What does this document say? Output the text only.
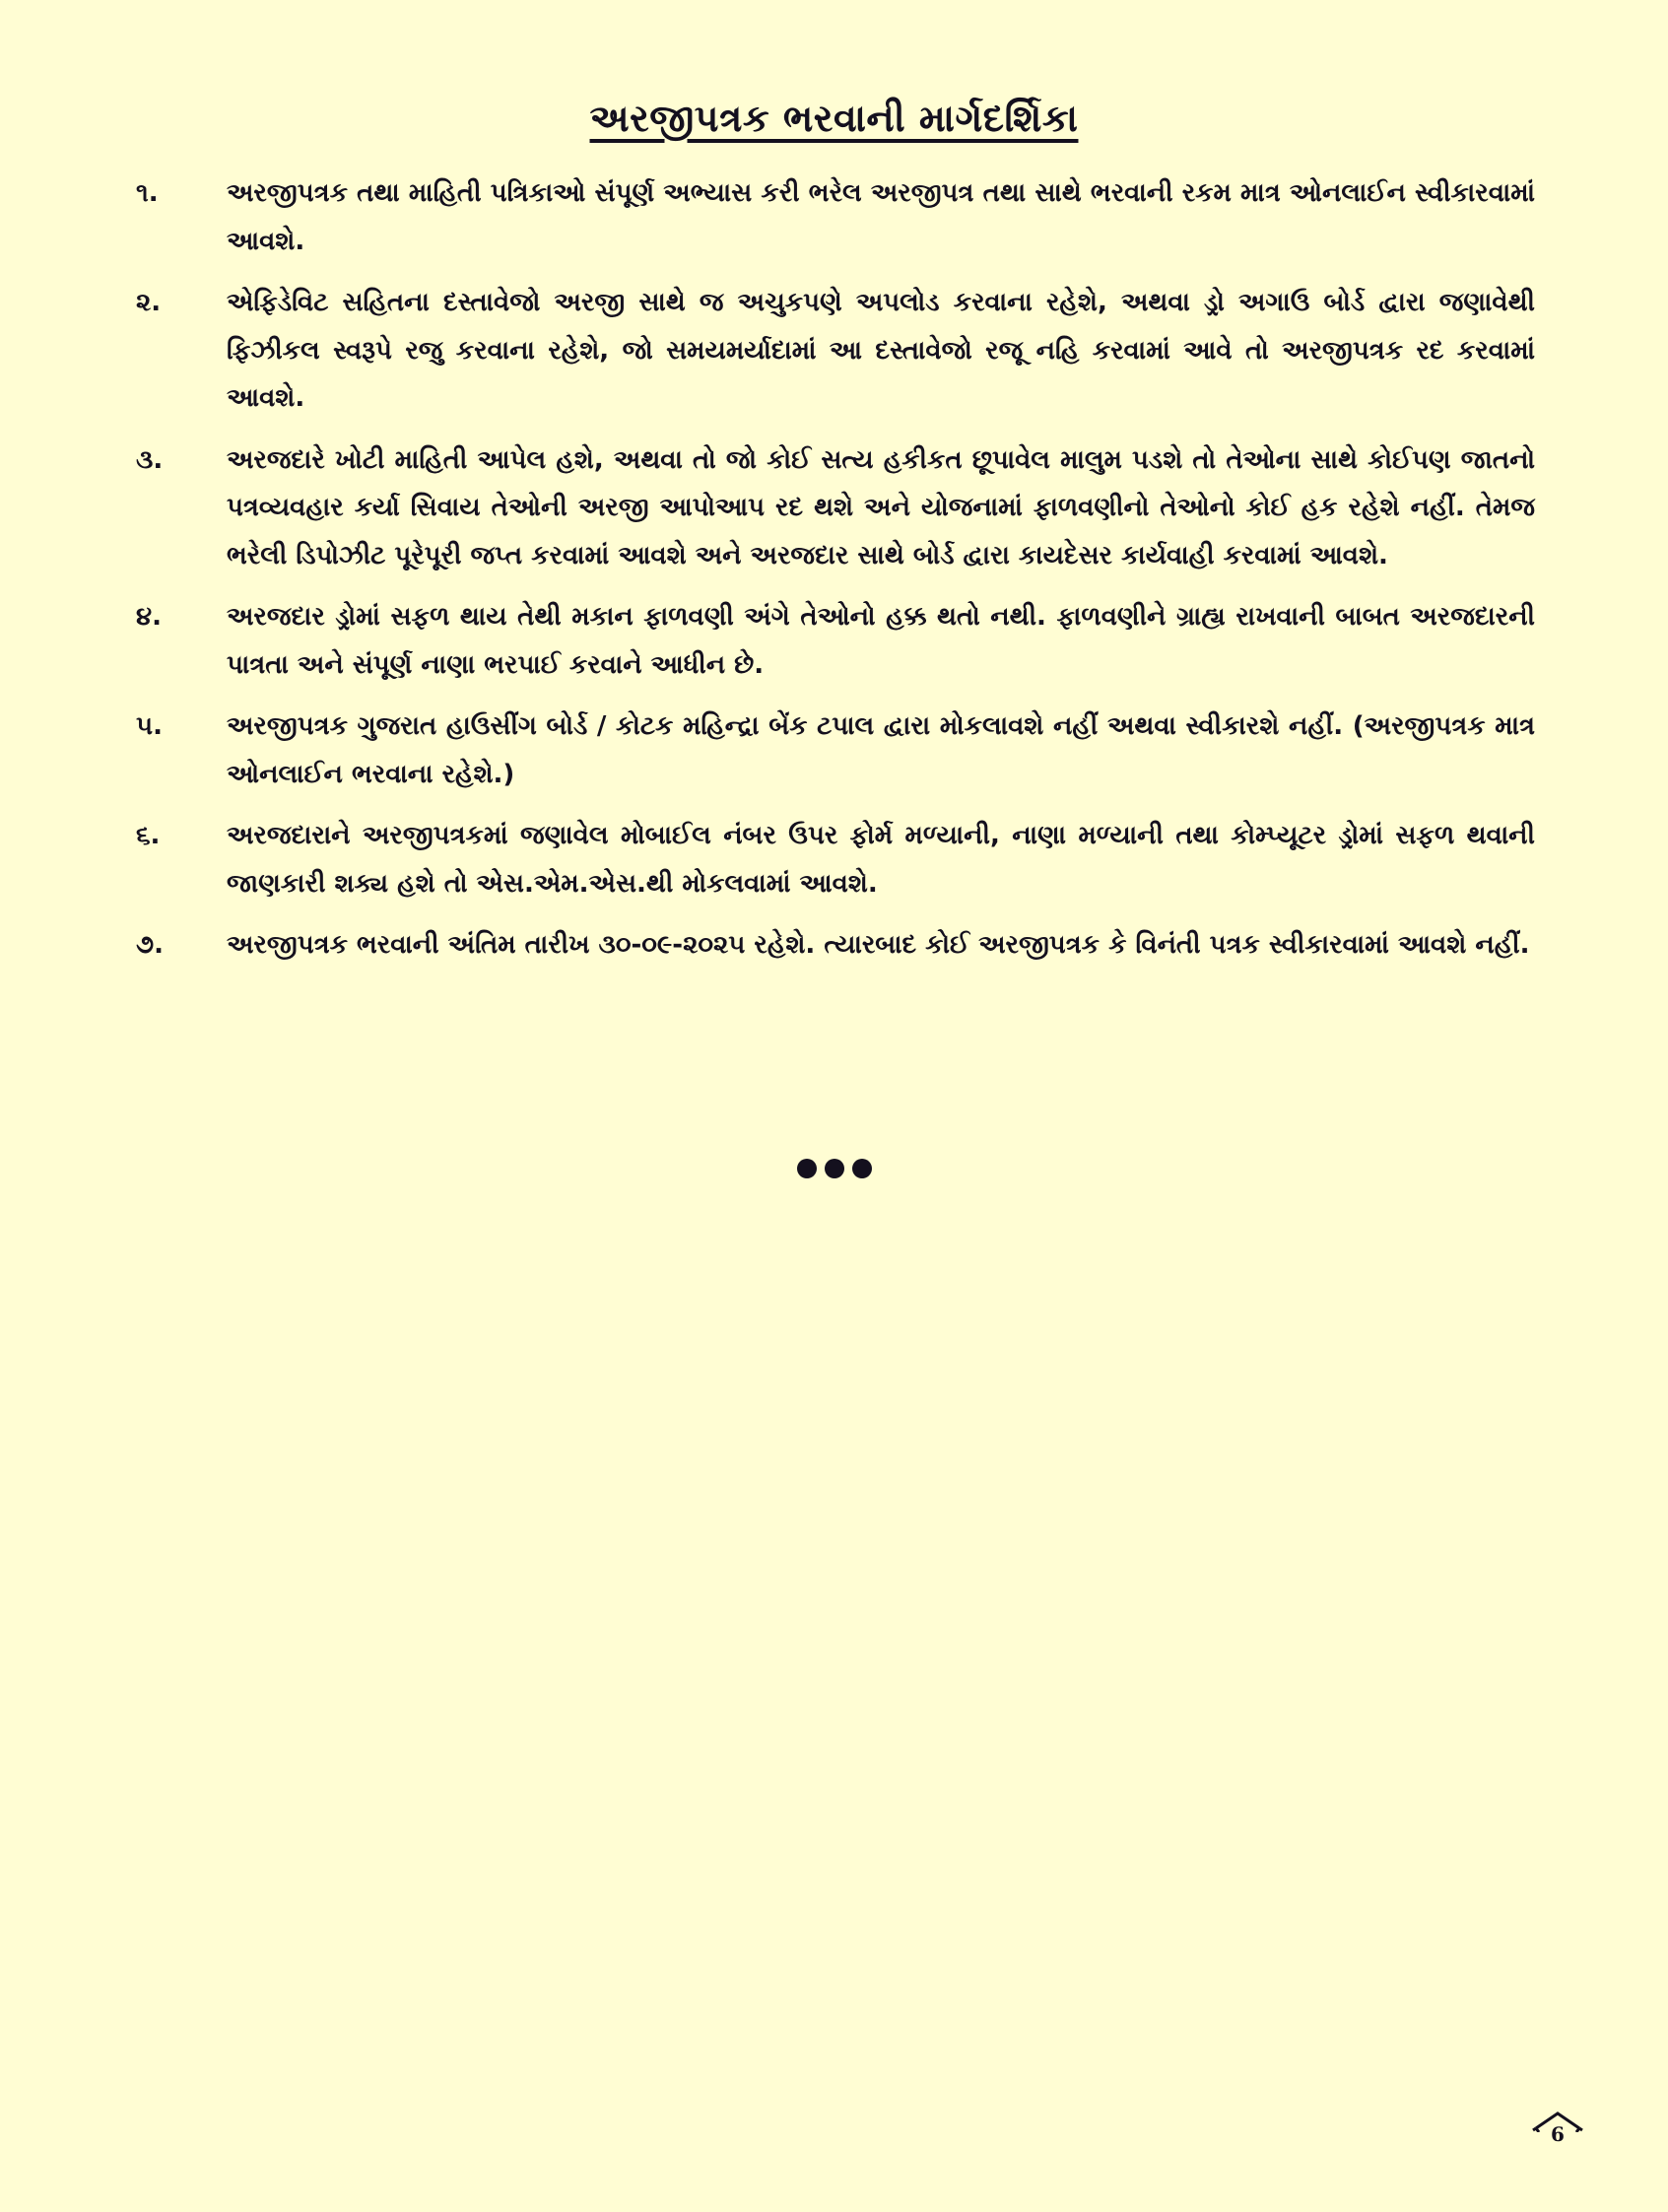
અરજીપત્રક ભરવાની માર્ગદર્શિકા
૧.	અરજીપત્રક તથા માહિતી પત્રિકાઓ સંપૂર્ણ અભ્યાસ કરી ભરેલ અરજીપત્ર તથા સાથે ભરવાની રકમ માત્ર ઓનલાઈન સ્વીકારવામાં આવશે.
૨.	એફિડેવિટ સહિતના દસ્તાવેજો અરજી સાથે જ અચુકપણે અપલોડ કરવાના રહેશે, અથવા ડ્રો અગાઉ બોર્ડ દ્વારા જણાવેથી ફિઝીકલ સ્વરૂપે રજુ કરવાના રહેશે, જો સમયમર્યાદામાં આ દસ્તાવેજો રજૂ નહિ કરવામાં આવે તો અરજીપત્રક રદ કરવામાં આવશે.
૩.	અરજદારે ખોટી માહિતી આપેલ હશે, અથવા તો જો કોઈ સત્ય હકીકત છૂપાવેલ માલુમ પડશે તો તેઓના સાથે કોઈપણ જાતનો પત્રવ્યવહાર કર્યા સિવાય તેઓની અરજી આપોઆપ રદ થશે અને યોજનામાં ફાળવણીનો તેઓનો કોઈ હક રહેશે નહીં. તેમજ ભરેલી ડિપોઝીટ પૂરેપૂરી જપ્ત કરવામાં આવશે અને અરજદાર સાથે બોર્ડ દ્વારા કાયદેસર કાર્યવાહી કરવામાં આવશે.
૪.	અરજદાર ડ્રોમાં સફળ થાય તેથી મકાન ફાળવણી અંગે તેઓનો હક્ક થતો નથી. ફાળવણીને ગ્રાહ્ય રાખવાની બાબત અરજદારની પાત્રતા અને સંપૂર્ણ નાણા ભરપાઈ કરવાને આધીન છે.
૫.	અરજીપત્રક ગુજરાત હાઉસીંગ બોર્ડ / કોટક મહિન્દ્રા બેંક ટપાલ દ્વારા મોકલાવશે નહીં અથવા સ્વીકારશે નહીં. (અરજીપત્રક માત્ર ઓનલાઈન ભરવાના રહેશે.)
૬.	અરજદારાને અરજીપત્રકમાં જણાવેલ મોબાઈલ નંબર ઉપર ફોર્મ મળ્યાની, નાણા મળ્યાની તથા કોમ્પ્યૂટર ડ્રોમાં સફળ થવાની જાણકારી શક્ય હશે તો એસ.એમ.એસ.થી મોકલવામાં આવશે.
૭.	અરજીપત્રક ભરવાની અંતિમ તારીખ ૩૦-૦૯-૨૦૨૫ રહેશે. ત્યારબાદ કોઈ અરજીપત્રક કે વિનંતી પત્રક સ્વીકારવામાં આવશે નહીં.
6
